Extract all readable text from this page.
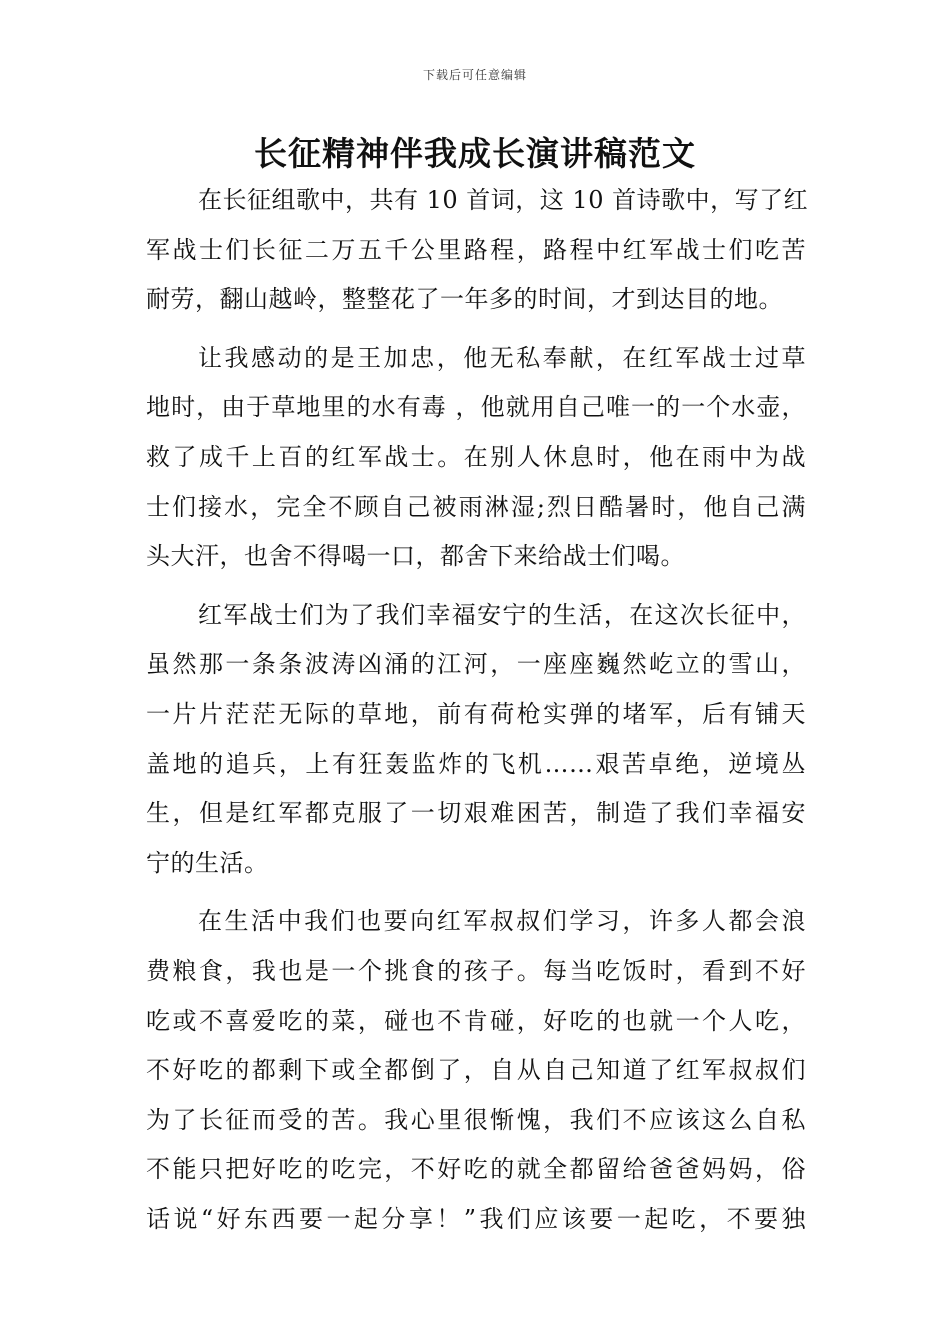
下载后可任意编辑
长征精神伴我成长演讲稿范文
在长征组歌中，共有 10 首词，这 10 首诗歌中，写了红
军战士们长征二万五千公里路程，路程中红军战士们吃苦
耐劳，翻山越岭，整整花了一年多的时间，才到达目的地。
让我感动的是王加忠，他无私奉献，在红军战士过草
地时，由于草地里的水有毒 ，他就用自己唯一的一个水壶，
救了成千上百的红军战士。在别人休息时，他在雨中为战
士们接水，完全不顾自己被雨淋湿;烈日酷暑时，他自己满
头大汗，也舍不得喝一口，都舍下来给战士们喝。
红军战士们为了我们幸福安宁的生活，在这次长征中，
虽然那一条条波涛凶涌的江河，一座座巍然屹立的雪山，
一片片茫茫无际的草地，前有荷枪实弹的堵军，后有铺天
盖地的追兵，上有狂轰监炸的飞机……艰苦卓绝，逆境丛
生，但是红军都克服了一切艰难困苦，制造了我们幸福安
宁的生活。
在生活中我们也要向红军叔叔们学习，许多人都会浪
费粮食，我也是一个挑食的孩子。每当吃饭时，看到不好
吃或不喜爱吃的菜，碰也不肯碰，好吃的也就一个人吃，
不好吃的都剩下或全都倒了，自从自己知道了红军叔叔们
为了长征而受的苦。我心里很惭愧，我们不应该这么自私
不能只把好吃的吃完，不好吃的就全都留给爸爸妈妈，俗
话说“好东西要一起分享！”我们应该要一起吃，不要独
